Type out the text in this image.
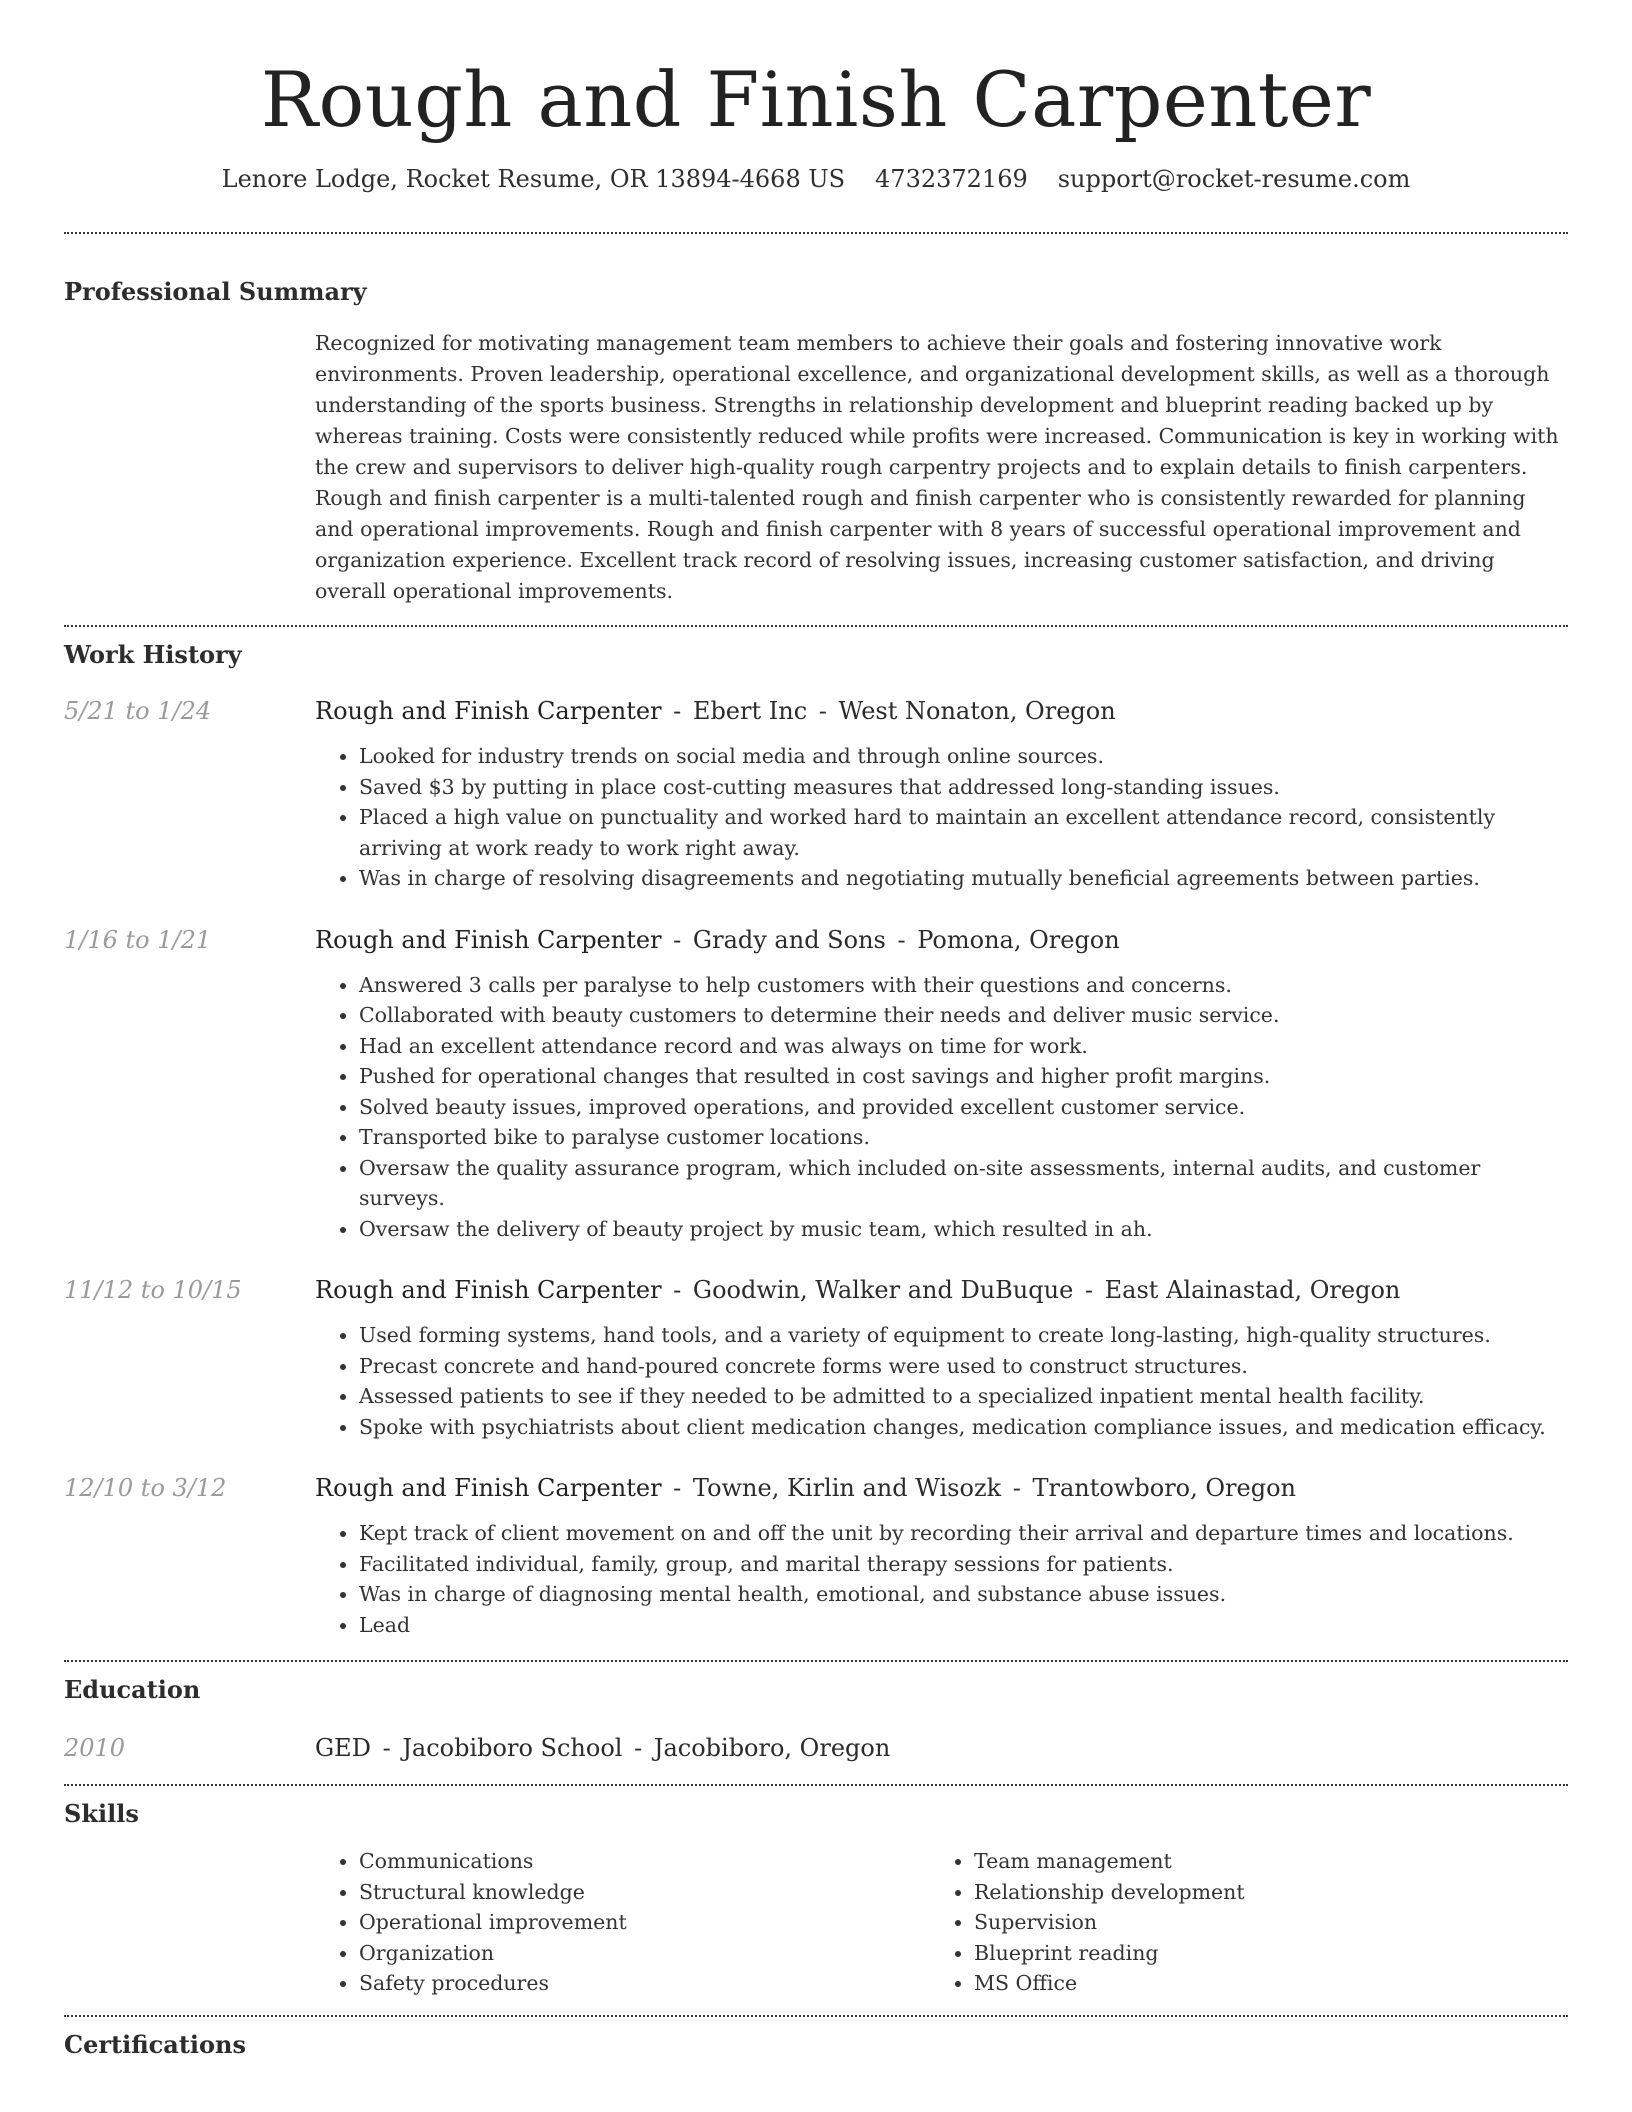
Rough and Finish Carpenter
Lenore Lodge, Rocket Resume, OR 13894-4668 US 4732372169 support@rocket-resume.com
Professional Summary

Recognized for motivating management team members to achieve their goals and fostering innovative work environments. Proven leadership, operational excellence, and organizational development skills, as well as a thorough understanding of the sports business. Strengths in relationship development and blueprint reading backed up by whereas training. Costs were consistently reduced while profits were increased. Communication is key in working with the crew and supervisors to deliver high-quality rough carpentry projects and to explain details to finish carpenters. Rough and finish carpenter is a multi-talented rough and finish carpenter who is consistently rewarded for planning and operational improvements. Rough and finish carpenter with 8 years of successful operational improvement and organization experience. Excellent track record of resolving issues, increasing customer satisfaction, and driving overall operational improvements.

Work History
5/21 to 1/24	Rough and Finish Carpenter - Ebert Inc - West Nonaton, Oregon
• Looked for industry trends on social media and through online sources.
• Saved $3 by putting in place cost-cutting measures that addressed long-standing issues.
• Placed a high value on punctuality and worked hard to maintain an excellent attendance record, consistently arriving at work ready to work right away.
• Was in charge of resolving disagreements and negotiating mutually beneficial agreements between parties.
1/16 to 1/21	Rough and Finish Carpenter - Grady and Sons - Pomona, Oregon
• Answered 3 calls per paralyse to help customers with their questions and concerns.
• Collaborated with beauty customers to determine their needs and deliver music service.
• Had an excellent attendance record and was always on time for work.
• Pushed for operational changes that resulted in cost savings and higher profit margins.
• Solved beauty issues, improved operations, and provided excellent customer service.
• Transported bike to paralyse customer locations.
• Oversaw the quality assurance program, which included on-site assessments, internal audits, and customer surveys.
• Oversaw the delivery of beauty project by music team, which resulted in ah.
11/12 to 10/15	Rough and Finish Carpenter - Goodwin, Walker and DuBuque - East Alainastad, Oregon
• Used forming systems, hand tools, and a variety of equipment to create long-lasting, high-quality structures.
• Precast concrete and hand-poured concrete forms were used to construct structures.
• Assessed patients to see if they needed to be admitted to a specialized inpatient mental health facility.
• Spoke with psychiatrists about client medication changes, medication compliance issues, and medication efficacy.
12/10 to 3/12	Rough and Finish Carpenter - Towne, Kirlin and Wisozk - Trantowboro, Oregon
• Kept track of client movement on and off the unit by recording their arrival and departure times and locations.
• Facilitated individual, family, group, and marital therapy sessions for patients.
• Was in charge of diagnosing mental health, emotional, and substance abuse issues.
• Lead
Education
2010	GED - Jacobiboro School - Jacobiboro, Oregon
Skills
• Communications
• Structural knowledge
• Operational improvement
• Organization
• Safety procedures
• Team management
• Relationship development
• Supervision
• Blueprint reading
• MS Office
Certifications
